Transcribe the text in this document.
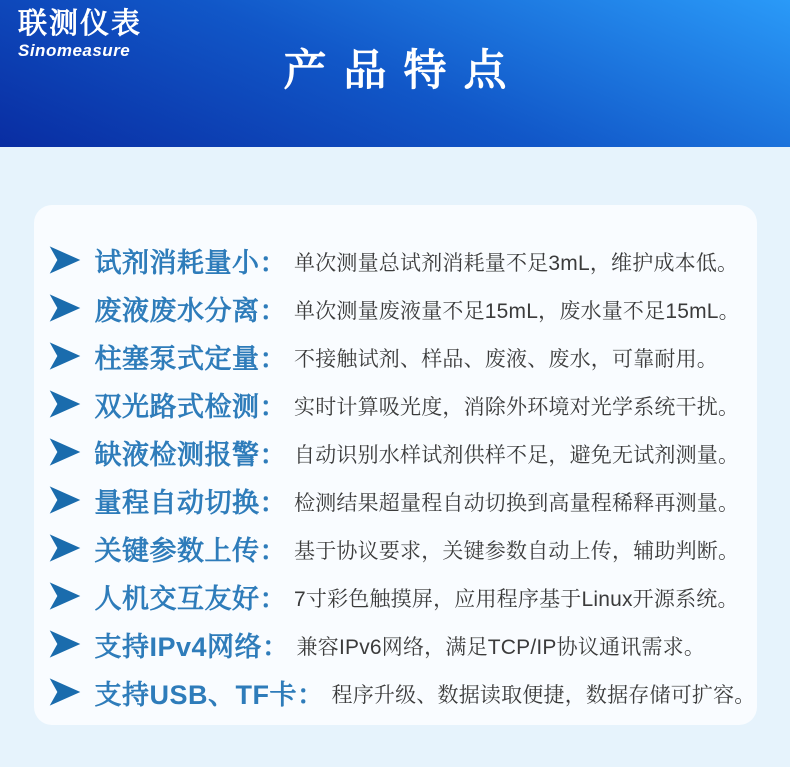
联测仪表
Sinomeasure	产品特点
试剂消耗量小： 单次测量总试剂消耗量不足3mL，维护成本低。
废液废水分离： 单次测量废液量不足15mL，废水量不足15mL。
柱塞泵式定量： 不接触试剂、样品、废液、废水，可靠耐用。
双光路式检测： 实时计算吸光度，消除外环境对光学系统干扰。
缺液检测报警： 自动识别水样试剂供样不足，避免无试剂测量。
量程自动切换： 检测结果超量程自动切换到高量程稀释再测量。
关键参数上传： 基于协议要求，关键参数自动上传，辅助判断。
人机交互友好： 7寸彩色触摸屏，应用程序基于Linux开源系统。
支持IPv4网络： 兼容IPv6网络，满足TCP/IP协议通讯需求。
支持USB、TF卡： 程序升级、数据读取便捷，数据存储可扩容。
